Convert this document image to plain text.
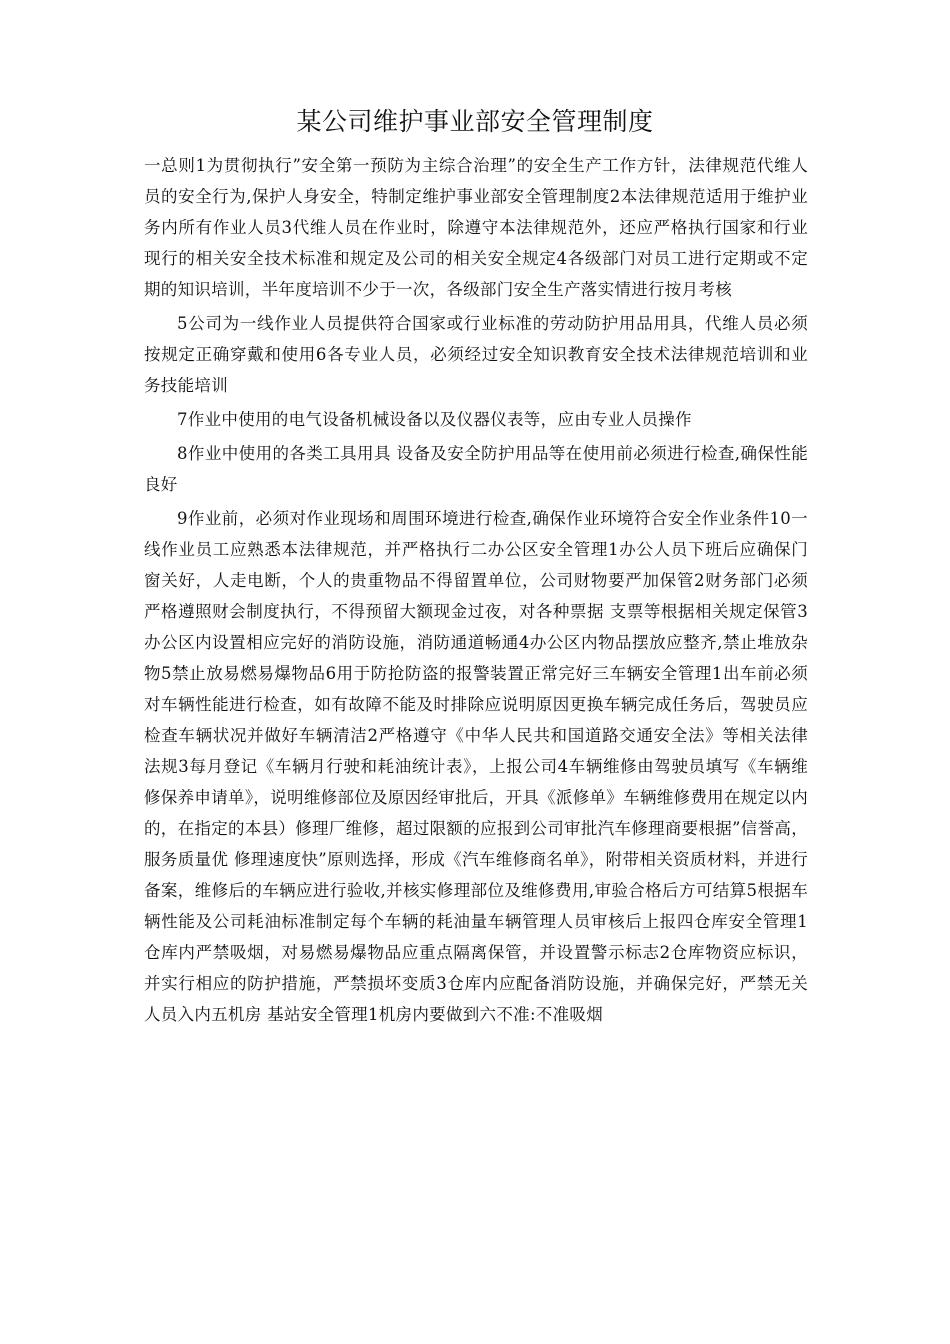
某公司维护事业部安全管理制度

一总则1为贯彻执行”安全第一预防为主综合治理”的安全生产工作方针，法律规范代维人员的安全行为,保护人身安全，特制定维护事业部安全管理制度2本法律规范适用于维护业务内所有作业人员3代维人员在作业时，除遵守本法律规范外，还应严格执行国家和行业现行的相关安全技术标准和规定及公司的相关安全规定4各级部门对员工进行定期或不定期的知识培训，半年度培训不少于一次，各级部门安全生产落实情进行按月考核

5公司为一线作业人员提供符合国家或行业标准的劳动防护用品用具，代维人员必须按规定正确穿戴和使用6各专业人员，必须经过安全知识教育安全技术法律规范培训和业务技能培训

7作业中使用的电气设备机械设备以及仪器仪表等，应由专业人员操作

8作业中使用的各类工具用具 设备及安全防护用品等在使用前必须进行检查,确保性能良好

9作业前，必须对作业现场和周围环境进行检查,确保作业环境符合安全作业条件10一线作业员工应熟悉本法律规范，并严格执行二办公区安全管理1办公人员下班后应确保门窗关好，人走电断，个人的贵重物品不得留置单位，公司财物要严加保管2财务部门必须严格遵照财会制度执行，不得预留大额现金过夜，对各种票据 支票等根据相关规定保管3办公区内设置相应完好的消防设施，消防通道畅通4办公区内物品摆放应整齐,禁止堆放杂物5禁止放易燃易爆物品6用于防抢防盗的报警装置正常完好三车辆安全管理1出车前必须对车辆性能进行检查，如有故障不能及时排除应说明原因更换车辆完成任务后，驾驶员应检查车辆状况并做好车辆清洁2严格遵守《中华人民共和国道路交通安全法》等相关法律法规3每月登记《车辆月行驶和耗油统计表》，上报公司4车辆维修由驾驶员填写《车辆维修保养申请单》，说明维修部位及原因经审批后，开具《派修单》车辆维修费用在规定以内的，在指定的本县）修理厂维修，超过限额的应报到公司审批汽车修理商要根据”信誉高，服务质量优 修理速度快”原则选择，形成《汽车维修商名单》，附带相关资质材料，并进行备案，维修后的车辆应进行验收,并核实修理部位及维修费用,审验合格后方可结算5根据车辆性能及公司耗油标准制定每个车辆的耗油量车辆管理人员审核后上报四仓库安全管理1仓库内严禁吸烟，对易燃易爆物品应重点隔离保管，并设置警示标志2仓库物资应标识，并实行相应的防护措施，严禁损坏变质3仓库内应配备消防设施，并确保完好，严禁无关人员入内五机房 基站安全管理1机房内要做到六不准:不准吸烟
